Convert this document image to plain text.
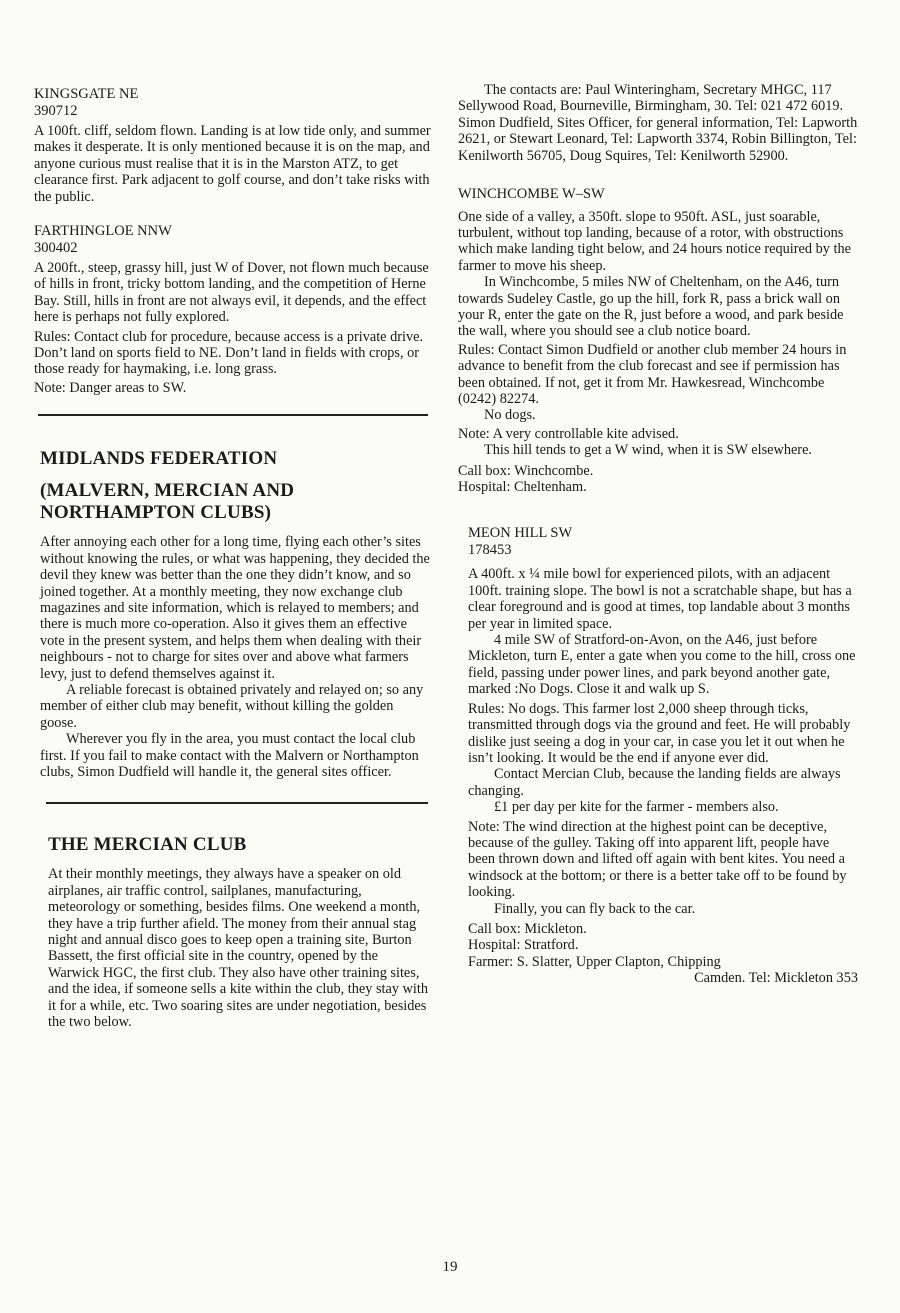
KINGSGATE NE
390712

A 100ft. cliff, seldom flown. Landing is at low tide only, and summer makes it desperate. It is only mentioned because it is on the map, and anyone curious must realise that it is in the Marston ATZ, to get clearance first. Park adjacent to golf course, and don’t take risks with the public.

FARTHINGLOE NNW
300402

A 200ft., steep, grassy hill, just W of Dover, not flown much because of hills in front, tricky bottom landing, and the competition of Herne Bay. Still, hills in front are not always evil, it depends, and the effect here is perhaps not fully explored.

Rules: Contact club for procedure, because access is a private drive. Don’t land on sports field to NE. Don’t land in fields with crops, or those ready for haymaking, i.e. long grass.

Note: Danger areas to SW.

MIDLANDS FEDERATION
(MALVERN, MERCIAN AND NORTHAMPTON CLUBS)

After annoying each other for a long time, flying each other’s sites without knowing the rules, or what was happening, they decided the devil they knew was better than the one they didn’t know, and so joined together. At a monthly meeting, they now exchange club magazines and site information, which is relayed to members; and there is much more co-operation. Also it gives them an effective vote in the present system, and helps them when dealing with their neighbours - not to charge for sites over and above what farmers levy, just to defend themselves against it.

A reliable forecast is obtained privately and relayed on; so any member of either club may benefit, without killing the golden goose.

Wherever you fly in the area, you must contact the local club first. If you fail to make contact with the Malvern or Northampton clubs, Simon Dudfield will handle it, the general sites officer.

THE MERCIAN CLUB

At their monthly meetings, they always have a speaker on old airplanes, air traffic control, sailplanes, manufacturing, meteorology or something, besides films. One weekend a month, they have a trip further afield. The money from their annual stag night and annual disco goes to keep open a training site, Burton Bassett, the first official site in the country, opened by the Warwick HGC, the first club. They also have other training sites, and the idea, if someone sells a kite within the club, they stay with it for a while, etc. Two soaring sites are under negotiation, besides the two below.

The contacts are: Paul Winteringham, Secretary MHGC, 117 Sellywood Road, Bourneville, Birmingham, 30. Tel: 021 472 6019. Simon Dudfield, Sites Officer, for general information, Tel: Lapworth 2621, or Stewart Leonard, Tel: Lapworth 3374, Robin Billington, Tel: Kenilworth 56705, Doug Squires, Tel: Kenilworth 52900.

WINCHCOMBE W–SW

One side of a valley, a 350ft. slope to 950ft. ASL, just soarable, turbulent, without top landing, because of a rotor, with obstructions which make landing tight below, and 24 hours notice required by the farmer to move his sheep.

In Winchcombe, 5 miles NW of Cheltenham, on the A46, turn towards Sudeley Castle, go up the hill, fork R, pass a brick wall on your R, enter the gate on the R, just before a wood, and park beside the wall, where you should see a club notice board.

Rules: Contact Simon Dudfield or another club member 24 hours in advance to benefit from the club forecast and see if permission has been obtained. If not, get it from Mr. Hawkesread, Winchcombe (0242) 82274.

No dogs.

Note: A very controllable kite advised.

This hill tends to get a W wind, when it is SW elsewhere.

Call box: Winchcombe.

Hospital: Cheltenham.

MEON HILL SW
178453

A 400ft. x ¼ mile bowl for experienced pilots, with an adjacent 100ft. training slope. The bowl is not a scratchable shape, but has a clear foreground and is good at times, top landable about 3 months per year in limited space.

4 mile SW of Stratford-on-Avon, on the A46, just before Mickleton, turn E, enter a gate when you come to the hill, cross one field, passing under power lines, and park beyond another gate, marked :No Dogs. Close it and walk up S.

Rules: No dogs. This farmer lost 2,000 sheep through ticks, transmitted through dogs via the ground and feet. He will probably dislike just seeing a dog in your car, in case you let it out when he isn’t looking. It would be the end if anyone ever did.

Contact Mercian Club, because the landing fields are always changing.

£1 per day per kite for the farmer - members also.

Note: The wind direction at the highest point can be deceptive, because of the gulley. Taking off into apparent lift, people have been thrown down and lifted off again with bent kites. You need a windsock at the bottom; or there is a better take off to be found by looking.

Finally, you can fly back to the car.

Call box: Mickleton.

Hospital: Stratford.

Farmer: S. Slatter, Upper Clapton, Chipping

Camden. Tel: Mickleton 353

19
